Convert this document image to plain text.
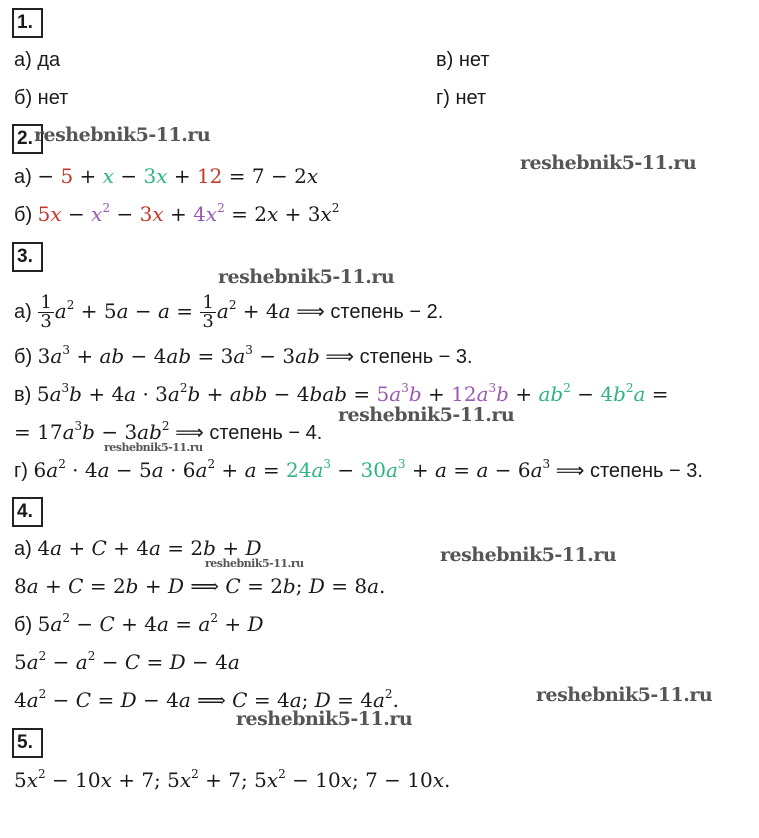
1.
а) да	в) нет
б) нет	г) нет
2. reshebnik5-11.ru
reshebnik5-11.ru
а) − 5 + x − 3x + 12 = 7 − 2x
б) $5x - x^2 - 3x + 4x^2 = 2x + 3x^2$
3.
reshebnik5-11.ru
$а) \frac{1}{3} a^2 + 5a - a = \frac{1}{3} a^2 + 4a$ ⟹ степень − 2.
б) $3a^3$ + ab − $4ab = 3a^3 - 3ab$ ⟹ степень − 3.
в) $5a^3b + 4a \cdot 3a^2b$ + abb − $4bab = 5a^3b + 12a^3b + ab^2 - 4b^2a$ =
reshebnik5-11.ru
= $17a^3b - 3ab^2$ ⟹ степень − 4.
reshebnik5-11.ru
г) $6a^2 \cdot 4a - 5a \cdot 6a^2 + a = 24a^3 - 30a^3 + a = a - 6a^3$ ⟹ степень − 3.
4.
а) 4a + C + 4a = 2b + D	reshebnik5-11.ru
reshebnik5-11.ru
8a + C = 2b + D ⟹ C = 2b; D = 8a.
б) $5a^2 - C + 4a = a^2 + D$
$5a^2 - a^2 - C = D - 4a$
$4a^2 - C = D - 4a$ ⟹ C = 4a; $D = 4a^2$.	reshebnik5-11.ru
reshebnik5-11.ru
5.
$5x^2 - 10x + 7$; $5x^2 + 7$; $5x^2 - 10x$; 7 − 10x.
